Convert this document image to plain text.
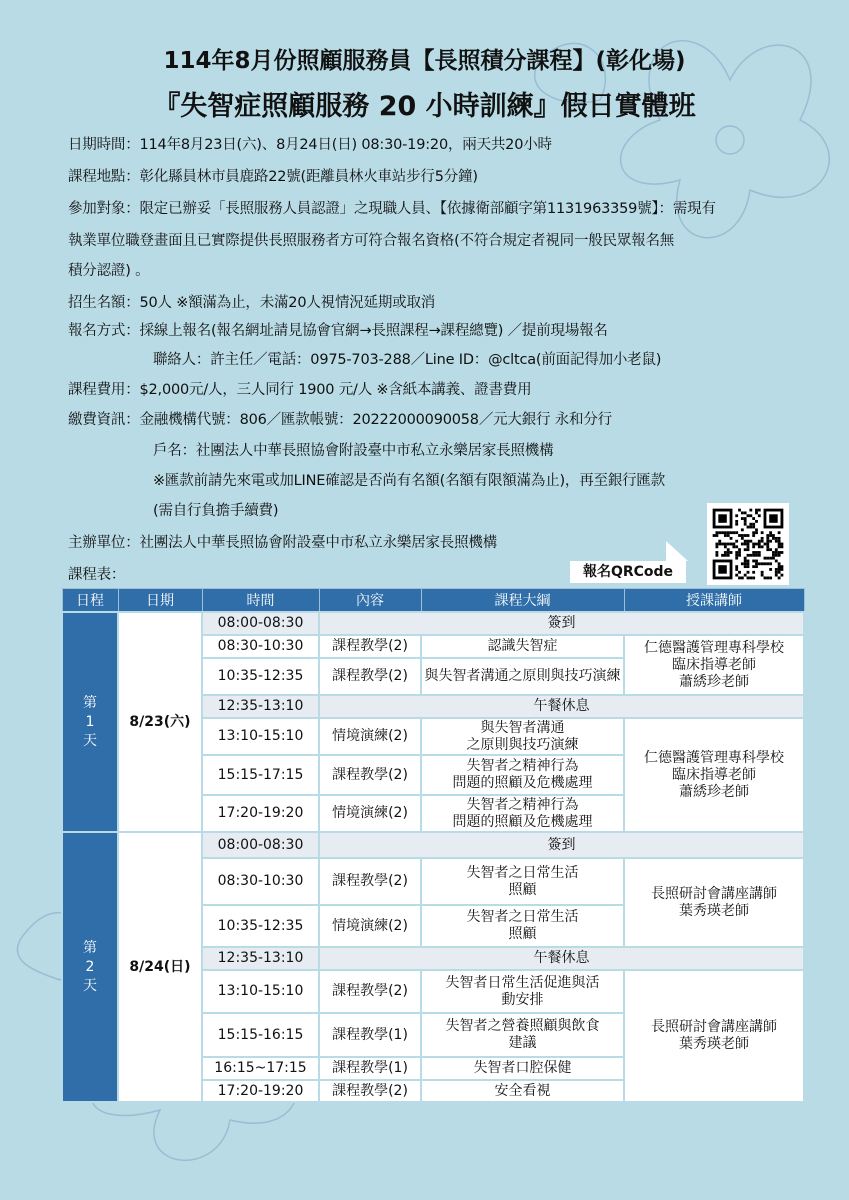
114年8月份照顧服務員【長照積分課程】(彰化場)
『失智症照顧服務 20 小時訓練』假日實體班
日期時間：114年8月23日(六)、8月24日(日) 08:30-19:20，兩天共20小時
課程地點：彰化縣員林市員鹿路22號(距離員林火車站步行5分鐘)
參加對象：限定已辦妥「長照服務人員認證」之現職人員、【依據衛部顧字第1131963359號】：需現有
執業單位職登畫面且已實際提供長照服務者方可符合報名資格(不符合規定者視同一般民眾報名無
積分認證) 。
招生名額：50人 ※額滿為止，未滿20人視情況延期或取消
報名方式：採線上報名(報名網址請見協會官網→長照課程→課程總覽) ／提前現場報名
聯絡人：許主任／電話：0975-703-288／Line ID：@cltca(前面記得加小老鼠)
課程費用：$2,000元/人，三人同行 1900 元/人 ※含紙本講義、證書費用
繳費資訊：金融機構代號：806／匯款帳號：20222000090058／元大銀行 永和分行
戶名：社團法人中華長照協會附設臺中市私立永樂居家長照機構
※匯款前請先來電或加LINE確認是否尚有名額(名額有限額滿為止)，再至銀行匯款
(需自行負擔手續費)
主辦單位：社團法人中華長照協會附設臺中市私立永樂居家長照機構
課程表：	報名QRCode
日程	日期	時間	內容	課程大綱	授課講師
第
1
天	8/23(六)	08:00-08:30	簽到		
		08:30-10:30	課程教學(2)	認識失智症	仁德醫護管理專科學校
臨床指導老師
蕭綉珍老師
		10:35-12:35	課程教學(2)	與失智者溝通之原則與技巧演練	
		12:35-13:10	午餐休息		
		13:10-15:10	情境演練(2)	與失智者溝通
之原則與技巧演練	仁德醫護管理專科學校
臨床指導老師
蕭綉珍老師
		15:15-17:15	課程教學(2)	失智者之精神行為
問題的照顧及危機處理	
		17:20-19:20	情境演練(2)	失智者之精神行為
問題的照顧及危機處理	
第
2
天	8/24(日)	08:00-08:30	簽到		
		08:30-10:30	課程教學(2)	失智者之日常生活
照顧	長照研討會講座講師
葉秀瑛老師
		10:35-12:35	情境演練(2)	失智者之日常生活
照顧	
		12:35-13:10	午餐休息		
		13:10-15:10	課程教學(2)	失智者日常生活促進與活
動安排	長照研討會講座講師
葉秀瑛老師
		15:15-16:15	課程教學(1)	失智者之營養照顧與飲食
建議	
		16:15~17:15	課程教學(1)	失智者口腔保健	
		17:20-19:20	課程教學(2)	安全看視	
